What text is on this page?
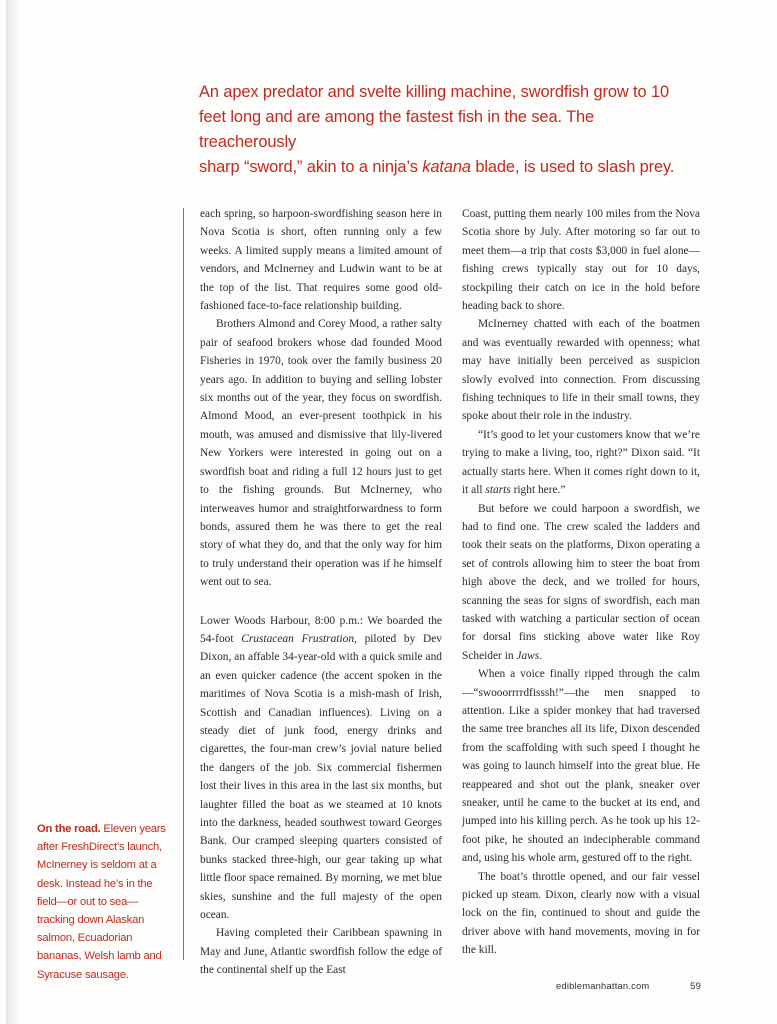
An apex predator and svelte killing machine, swordfish grow to 10

feet long and are among the fastest fish in the sea. The treacherously

sharp “sword,” akin to a ninja’s katana blade, is used to slash prey.

On the road. Eleven years after FreshDirect’s launch, McInerney is seldom at a desk. Instead he’s in the field—or out to sea—tracking down Alaskan salmon, Ecuadorian bananas, Welsh lamb and Syracuse sausage.

each spring, so harpoon-swordfishing season here in Nova Scotia is short, often running only a few weeks. A limited supply means a limited amount of vendors, and McInerney and Ludwin want to be at the top of the list. That requires some good old-fashioned face-to-face relationship building.

Brothers Almond and Corey Mood, a rather salty pair of seafood brokers whose dad founded Mood Fisheries in 1970, took over the family business 20 years ago. In addition to buying and selling lobster six months out of the year, they focus on swordfish. Almond Mood, an ever-present toothpick in his mouth, was amused and dismissive that lily-livered New Yorkers were interested in going out on a swordfish boat and riding a full 12 hours just to get to the fishing grounds. But McInerney, who interweaves humor and straightforwardness to form bonds, assured them he was there to get the real story of what they do, and that the only way for him to truly understand their operation was if he himself went out to sea.

Lower Woods Harbour, 8:00 p.m.: We boarded the 54-foot Crustacean Frustration, piloted by Dev Dixon, an affable 34-year-old with a quick smile and an even quicker cadence (the accent spoken in the maritimes of Nova Scotia is a mish-mash of Irish, Scottish and Canadian influences). Living on a steady diet of junk food, energy drinks and cigarettes, the four-man crew’s jovial nature belied the dangers of the job. Six commercial fishermen lost their lives in this area in the last six months, but laughter filled the boat as we steamed at 10 knots into the darkness, headed southwest toward Georges Bank. Our cramped sleeping quarters consisted of bunks stacked three-high, our gear taking up what little floor space remained. By morning, we met blue skies, sunshine and the full majesty of the open ocean.

Having completed their Caribbean spawning in May and June, Atlantic swordfish follow the edge of the continental shelf up the East

Coast, putting them nearly 100 miles from the Nova Scotia shore by July. After motoring so far out to meet them—a trip that costs $3,000 in fuel alone—fishing crews typically stay out for 10 days, stockpiling their catch on ice in the hold before heading back to shore.

McInerney chatted with each of the boatmen and was eventually rewarded with openness; what may have initially been perceived as suspicion slowly evolved into connection. From discussing fishing techniques to life in their small towns, they spoke about their role in the industry.

“It’s good to let your customers know that we’re trying to make a living, too, right?” Dixon said. “It actually starts here. When it comes right down to it, it all starts right here.”

But before we could harpoon a swordfish, we had to find one. The crew scaled the ladders and took their seats on the platforms, Dixon operating a set of controls allowing him to steer the boat from high above the deck, and we trolled for hours, scanning the seas for signs of swordfish, each man tasked with watching a particular section of ocean for dorsal fins sticking above water like Roy Scheider in Jaws.

When a voice finally ripped through the calm—“swooorrrrdfisssh!”—the men snapped to attention. Like a spider monkey that had traversed the same tree branches all its life, Dixon descended from the scaffolding with such speed I thought he was going to launch himself into the great blue. He reappeared and shot out the plank, sneaker over sneaker, until he came to the bucket at its end, and jumped into his killing perch. As he took up his 12-foot pike, he shouted an indecipherable command and, using his whole arm, gestured off to the right.

The boat’s throttle opened, and our fair vessel picked up steam. Dixon, clearly now with a visual lock on the fin, continued to shout and guide the driver above with hand movements, moving in for the kill.

ediblemanhattan.com	59
